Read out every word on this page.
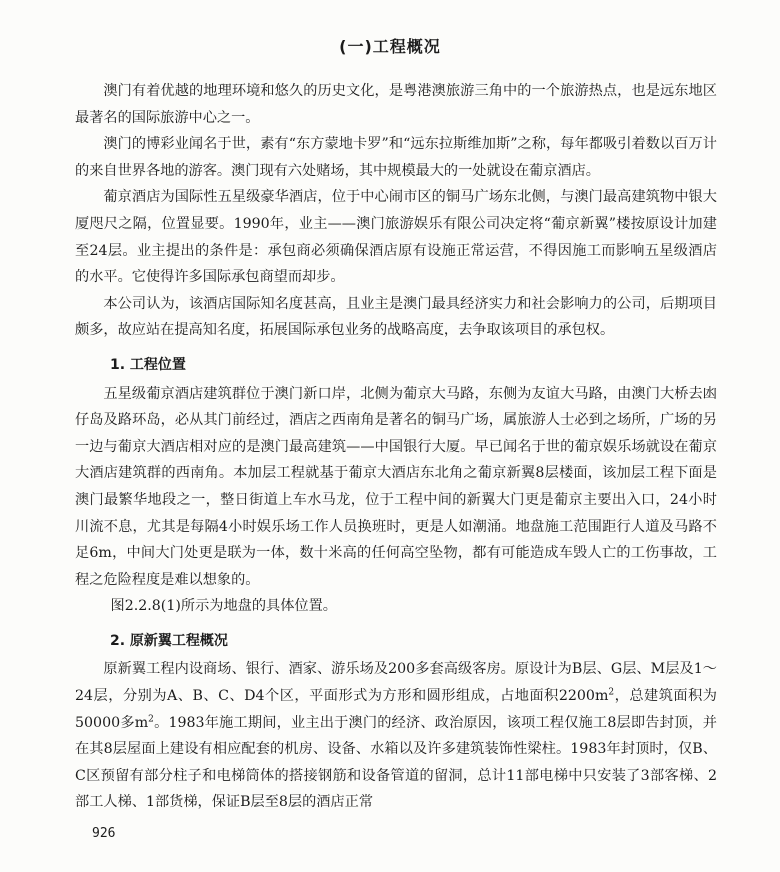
(一)工程概况

澳门有着优越的地理环境和悠久的历史文化，是粤港澳旅游三角中的一个旅游热点，也是远东地区最著名的国际旅游中心之一。

澳门的博彩业闻名于世，素有“东方蒙地卡罗”和“远东拉斯维加斯”之称，每年都吸引着数以百万计的来自世界各地的游客。澳门现有六处赌场，其中规模最大的一处就设在葡京酒店。

葡京酒店为国际性五星级豪华酒店，位于中心闹市区的铜马广场东北侧，与澳门最高建筑物中银大厦咫尺之隔，位置显要。1990年，业主——澳门旅游娱乐有限公司决定将“葡京新翼”楼按原设计加建至24层。业主提出的条件是：承包商必须确保酒店原有设施正常运营，不得因施工而影响五星级酒店的水平。它使得许多国际承包商望而却步。

本公司认为，该酒店国际知名度甚高，且业主是澳门最具经济实力和社会影响力的公司，后期项目颇多，故应站在提高知名度，拓展国际承包业务的战略高度，去争取该项目的承包权。

1. 工程位置

五星级葡京酒店建筑群位于澳门新口岸，北侧为葡京大马路，东侧为友谊大马路，由澳门大桥去凼仔岛及路环岛，必从其门前经过，酒店之西南角是著名的铜马广场，属旅游人士必到之场所，广场的另一边与葡京大酒店相对应的是澳门最高建筑——中国银行大厦。早已闻名于世的葡京娱乐场就设在葡京大酒店建筑群的西南角。本加层工程就基于葡京大酒店东北角之葡京新翼8层楼面，该加层工程下面是澳门最繁华地段之一，整日街道上车水马龙，位于工程中间的新翼大门更是葡京主要出入口，24小时川流不息，尤其是每隔4小时娱乐场工作人员换班时，更是人如潮涌。地盘施工范围距行人道及马路不足6m，中间大门处更是联为一体，数十米高的任何高空坠物，都有可能造成车毁人亡的工伤事故，工程之危险程度是难以想象的。

图2.2.8(1)所示为地盘的具体位置。

2. 原新翼工程概况

原新翼工程内设商场、银行、酒家、游乐场及200多套高级客房。原设计为B层、G层、M层及1～24层，分别为A、B、C、D4个区，平面形式为方形和圆形组成，占地面积$2200m^2$，总建筑面积为50000多$m^2$。1983年施工期间，业主出于澳门的经济、政治原因，该项工程仅施工8层即告封顶，并在其8层屋面上建设有相应配套的机房、设备、水箱以及许多建筑装饰性梁柱。1983年封顶时，仅B、C区预留有部分柱子和电梯筒体的搭接钢筋和设备管道的留洞，总计11部电梯中只安装了3部客梯、2部工人梯、1部货梯，保证B层至8层的酒店正常

926
